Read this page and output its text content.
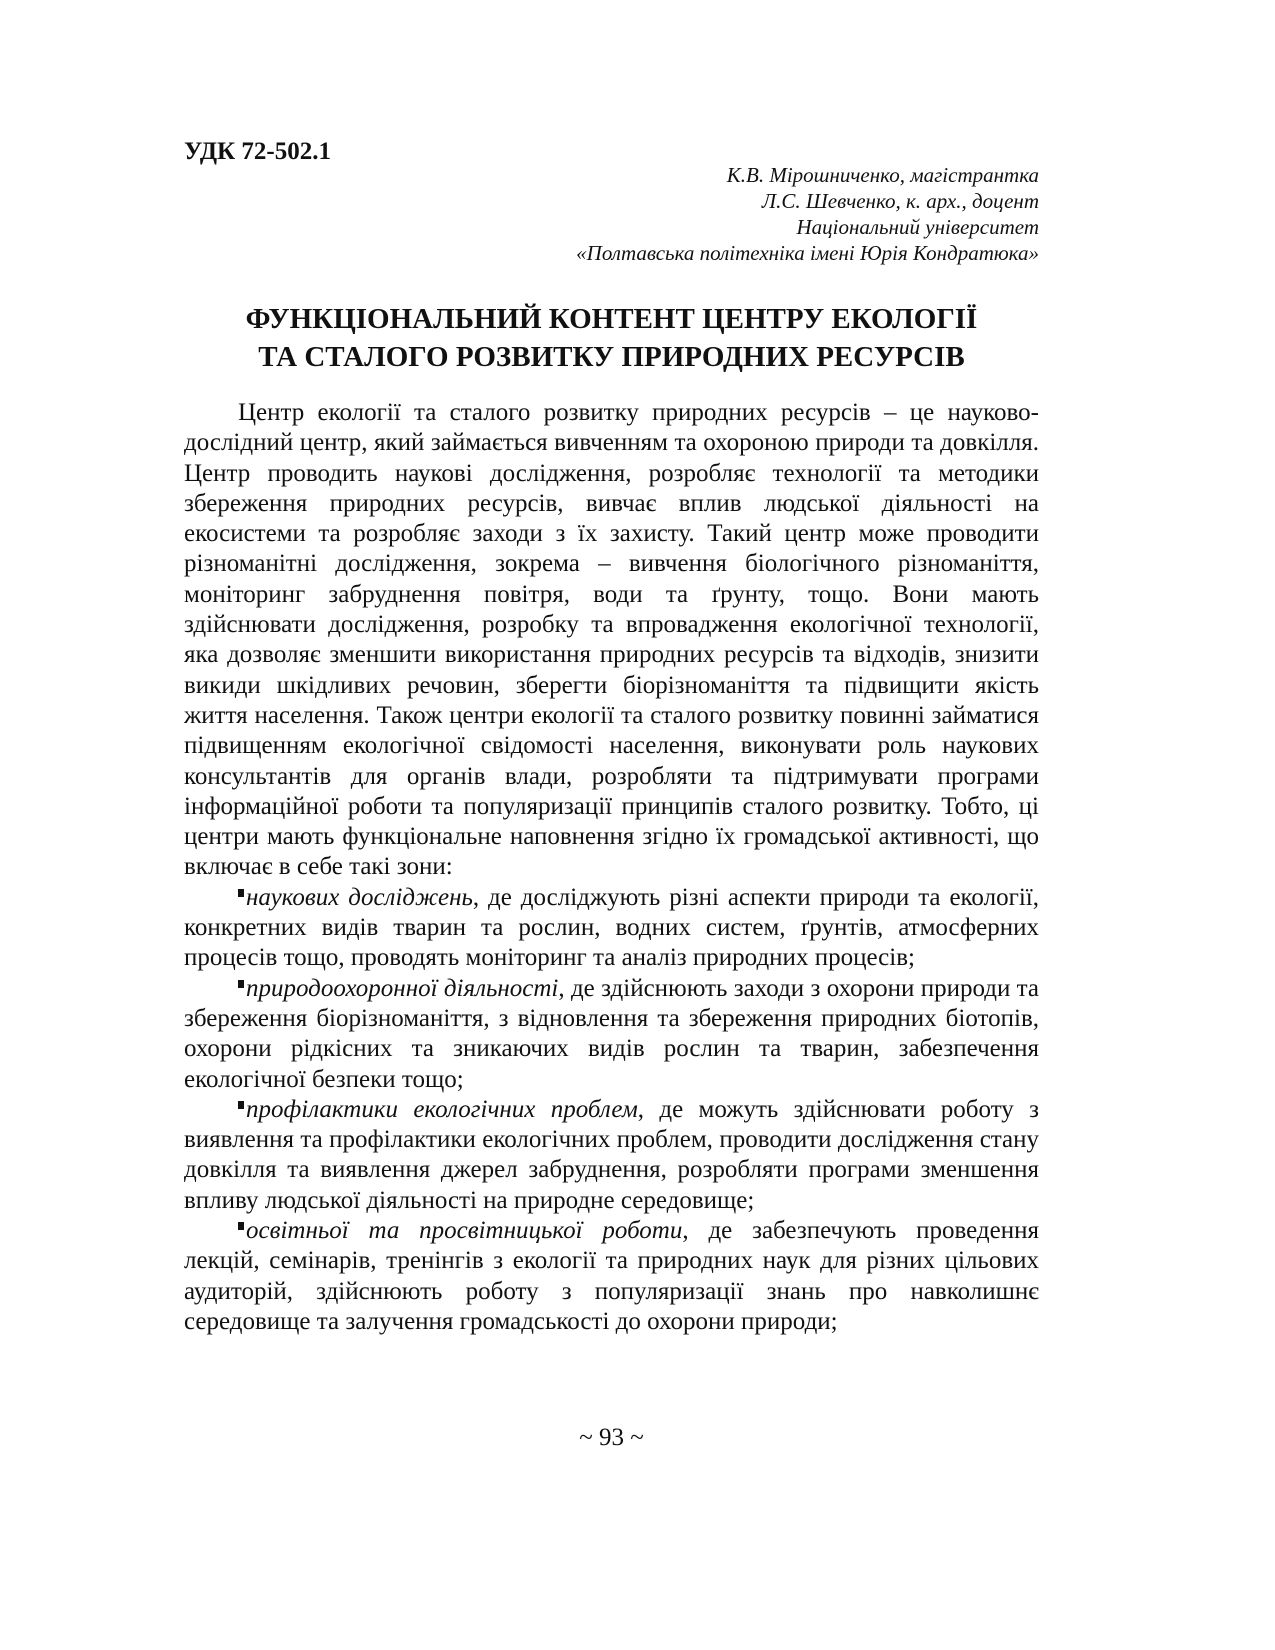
УДК 72-502.1
К.В. Мірошниченко, магістрантка
Л.С. Шевченко, к. арх., доцент
Національний університет
«Полтавська політехніка імені Юрія Кондратюка»
ФУНКЦІОНАЛЬНИЙ КОНТЕНТ ЦЕНТРУ ЕКОЛОГІЇ
ТА СТАЛОГО РОЗВИТКУ ПРИРОДНИХ РЕСУРСІВ

Центр екології та сталого розвитку природних ресурсів – це науково-дослідний центр, який займається вивченням та охороною природи та довкілля. Центр проводить наукові дослідження, розробляє технології та методики збереження природних ресурсів, вивчає вплив людської діяльності на екосистеми та розробляє заходи з їх захисту. Такий центр може проводити різноманітні дослідження, зокрема – вивчення біологічного різноманіття, моніторинг забруднення повітря, води та ґрунту, тощо. Вони мають здійснювати дослідження, розробку та впровадження екологічної технології, яка дозволяє зменшити використання природних ресурсів та відходів, знизити викиди шкідливих речовин, зберегти біорізноманіття та підвищити якість життя населення. Також центри екології та сталого розвитку повинні займатися підвищенням екологічної свідомості населення, виконувати роль наукових консультантів для органів влади, розробляти та підтримувати програми інформаційної роботи та популяризації принципів сталого розвитку. Тобто, ці центри мають функціональне наповнення згідно їх громадської активності, що включає в себе такі зони:

наукових досліджень, де досліджують різні аспекти природи та екології, конкретних видів тварин та рослин, водних систем, ґрунтів, атмосферних процесів тощо, проводять моніторинг та аналіз природних процесів;

природоохоронної діяльності, де здійснюють заходи з охорони природи та збереження біорізноманіття, з відновлення та збереження природних біотопів, охорони рідкісних та зникаючих видів рослин та тварин, забезпечення екологічної безпеки тощо;

профілактики екологічних проблем, де можуть здійснювати роботу з виявлення та профілактики екологічних проблем, проводити дослідження стану довкілля та виявлення джерел забруднення, розробляти програми зменшення впливу людської діяльності на природне середовище;

освітньої та просвітницької роботи, де забезпечують проведення лекцій, семінарів, тренінгів з екології та природних наук для різних цільових аудиторій, здійснюють роботу з популяризації знань про навколишнє середовище та залучення громадськості до охорони природи;

~ 93 ~
